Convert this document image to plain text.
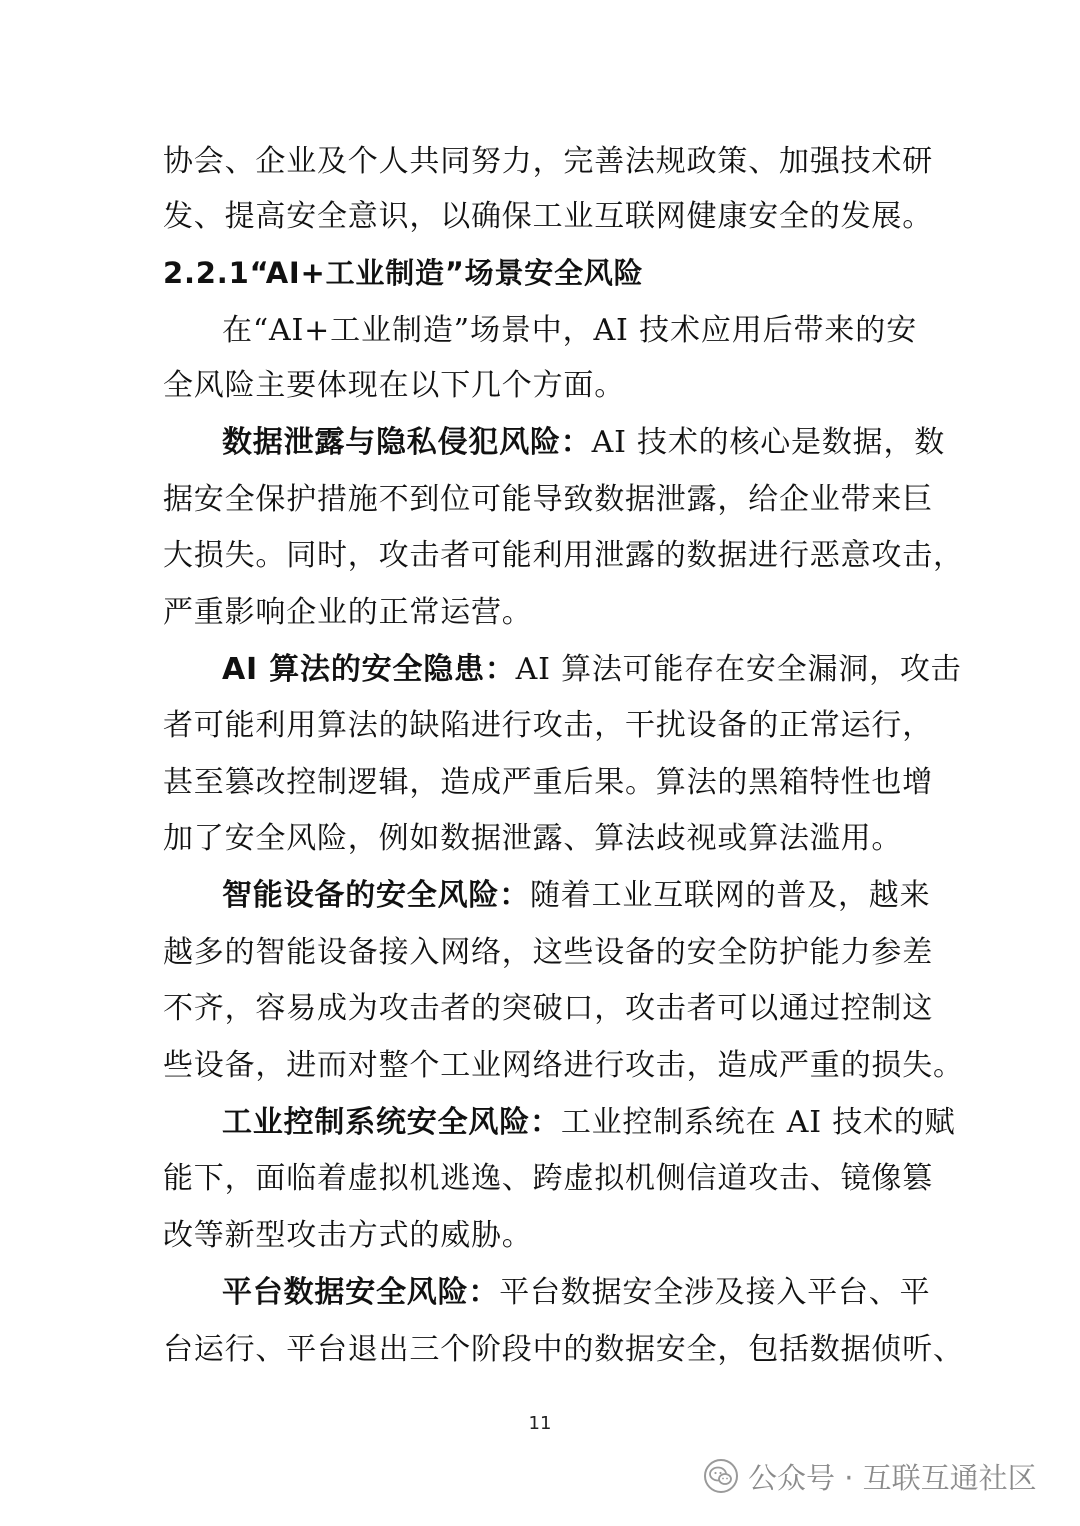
协会、企业及个人共同努力，完善法规政策、加强技术研
发、提高安全意识，以确保工业互联网健康安全的发展。
2.2.1“AI+工业制造”场景安全风险
在“AI+工业制造”场景中，AI 技术应用后带来的安
全风险主要体现在以下几个方面。
数据泄露与隐私侵犯风险： AI 技术的核心是数据，数
据安全保护措施不到位可能导致数据泄露，给企业带来巨
大损失。同时，攻击者可能利用泄露的数据进行恶意攻击，
严重影响企业的正常运营。
AI 算法的安全隐患： AI 算法可能存在安全漏洞，攻击
者可能利用算法的缺陷进行攻击，干扰设备的正常运行，
甚至篡改控制逻辑，造成严重后果。算法的黑箱特性也增
加了安全风险，例如数据泄露、算法歧视或算法滥用。
智能设备的安全风险： 随着工业互联网的普及，越来
越多的智能设备接入网络，这些设备的安全防护能力参差
不齐，容易成为攻击者的突破口，攻击者可以通过控制这
些设备，进而对整个工业网络进行攻击，造成严重的损失。
工业控制系统安全风险： 工业控制系统在 AI 技术的赋
能下，面临着虚拟机逃逸、跨虚拟机侧信道攻击、镜像篡
改等新型攻击方式的威胁。
平台数据安全风险： 平台数据安全涉及接入平台、平
台运行、平台退出三个阶段中的数据安全，包括数据侦听、
11
公众号 · 互联互通社区
